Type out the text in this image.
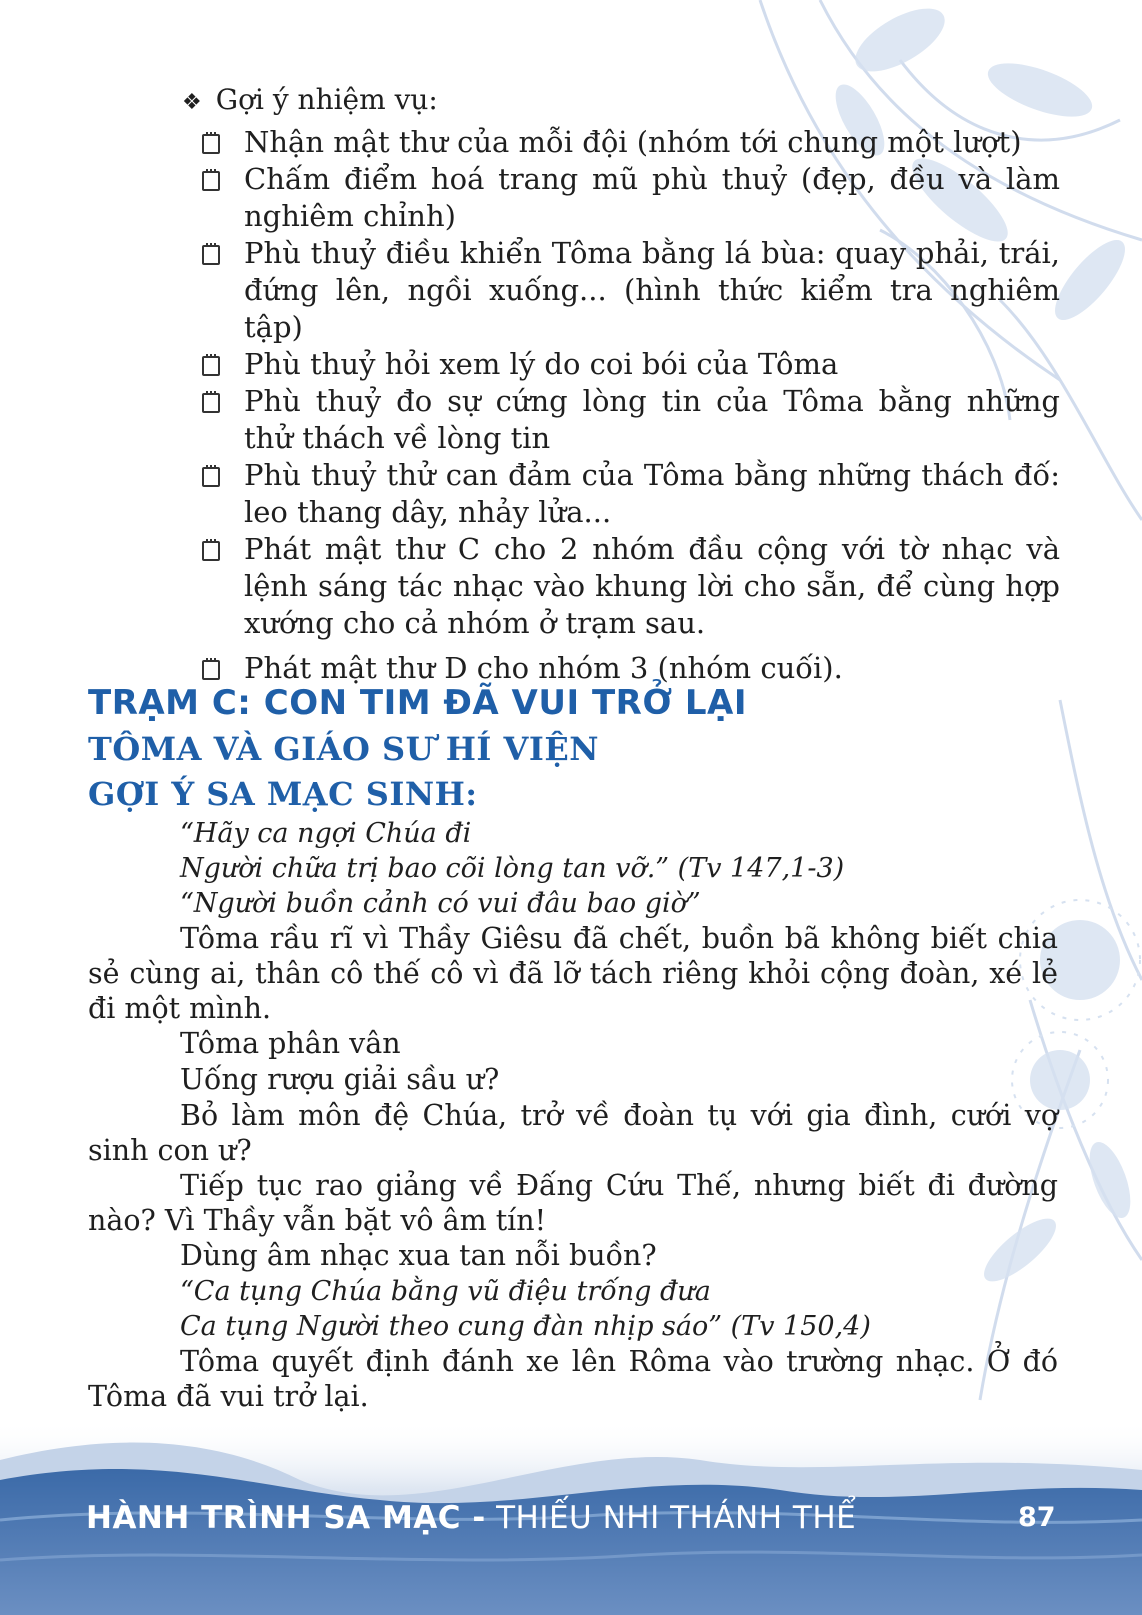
❖ Gợi ý nhiệm vụ:

Nhận mật thư của mỗi đội (nhóm tới chung một lượt)
Chấm điểm hoá trang mũ phù thuỷ (đẹp, đều và làm nghiêm chỉnh)
Phù thuỷ điều khiển Tôma bằng lá bùa: quay phải, trái, đứng lên, ngồi xuống... (hình thức kiểm tra nghiêm tập)
Phù thuỷ hỏi xem lý do coi bói của Tôma
Phù thuỷ đo sự cứng lòng tin của Tôma bằng những thử thách về lòng tin
Phù thuỷ thử can đảm của Tôma bằng những thách đố: leo thang dây, nhảy lửa...
Phát mật thư C cho 2 nhóm đầu cộng với tờ nhạc và lệnh sáng tác nhạc vào khung lời cho sẵn, để cùng hợp xướng cho cả nhóm ở trạm sau.
Phát mật thư D cho nhóm 3 (nhóm cuối).
TRẠM C: CON TIM ĐÃ VUI TRỞ LẠI
TÔMA VÀ GIÁO SƯ HÍ VIỆN
GỢI Ý SA MẠC SINH:

“Hãy ca ngợi Chúa đi

Người chữa trị bao cõi lòng tan vỡ.” (Tv 147,1-3)

“Người buồn cảnh có vui đâu bao giờ”

Tôma rầu rĩ vì Thầy Giêsu đã chết, buồn bã không biết chia sẻ cùng ai, thân cô thế cô vì đã lỡ tách riêng khỏi cộng đoàn, xé lẻ đi một mình.

Tôma phân vân

Uống rượu giải sầu ư?

Bỏ làm môn đệ Chúa, trở về đoàn tụ với gia đình, cưới vợ sinh con ư?

Tiếp tục rao giảng về Đấng Cứu Thế, nhưng biết đi đường nào? Vì Thầy vẫn bặt vô âm tín!

Dùng âm nhạc xua tan nỗi buồn?

“Ca tụng Chúa bằng vũ điệu trống đưa

Ca tụng Người theo cung đàn nhịp sáo” (Tv 150,4)

Tôma quyết định đánh xe lên Rôma vào trường nhạc. Ở đó Tôma đã vui trở lại.

HÀNH TRÌNH SA MẠC - THIẾU NHI THÁNH THỂ	87
